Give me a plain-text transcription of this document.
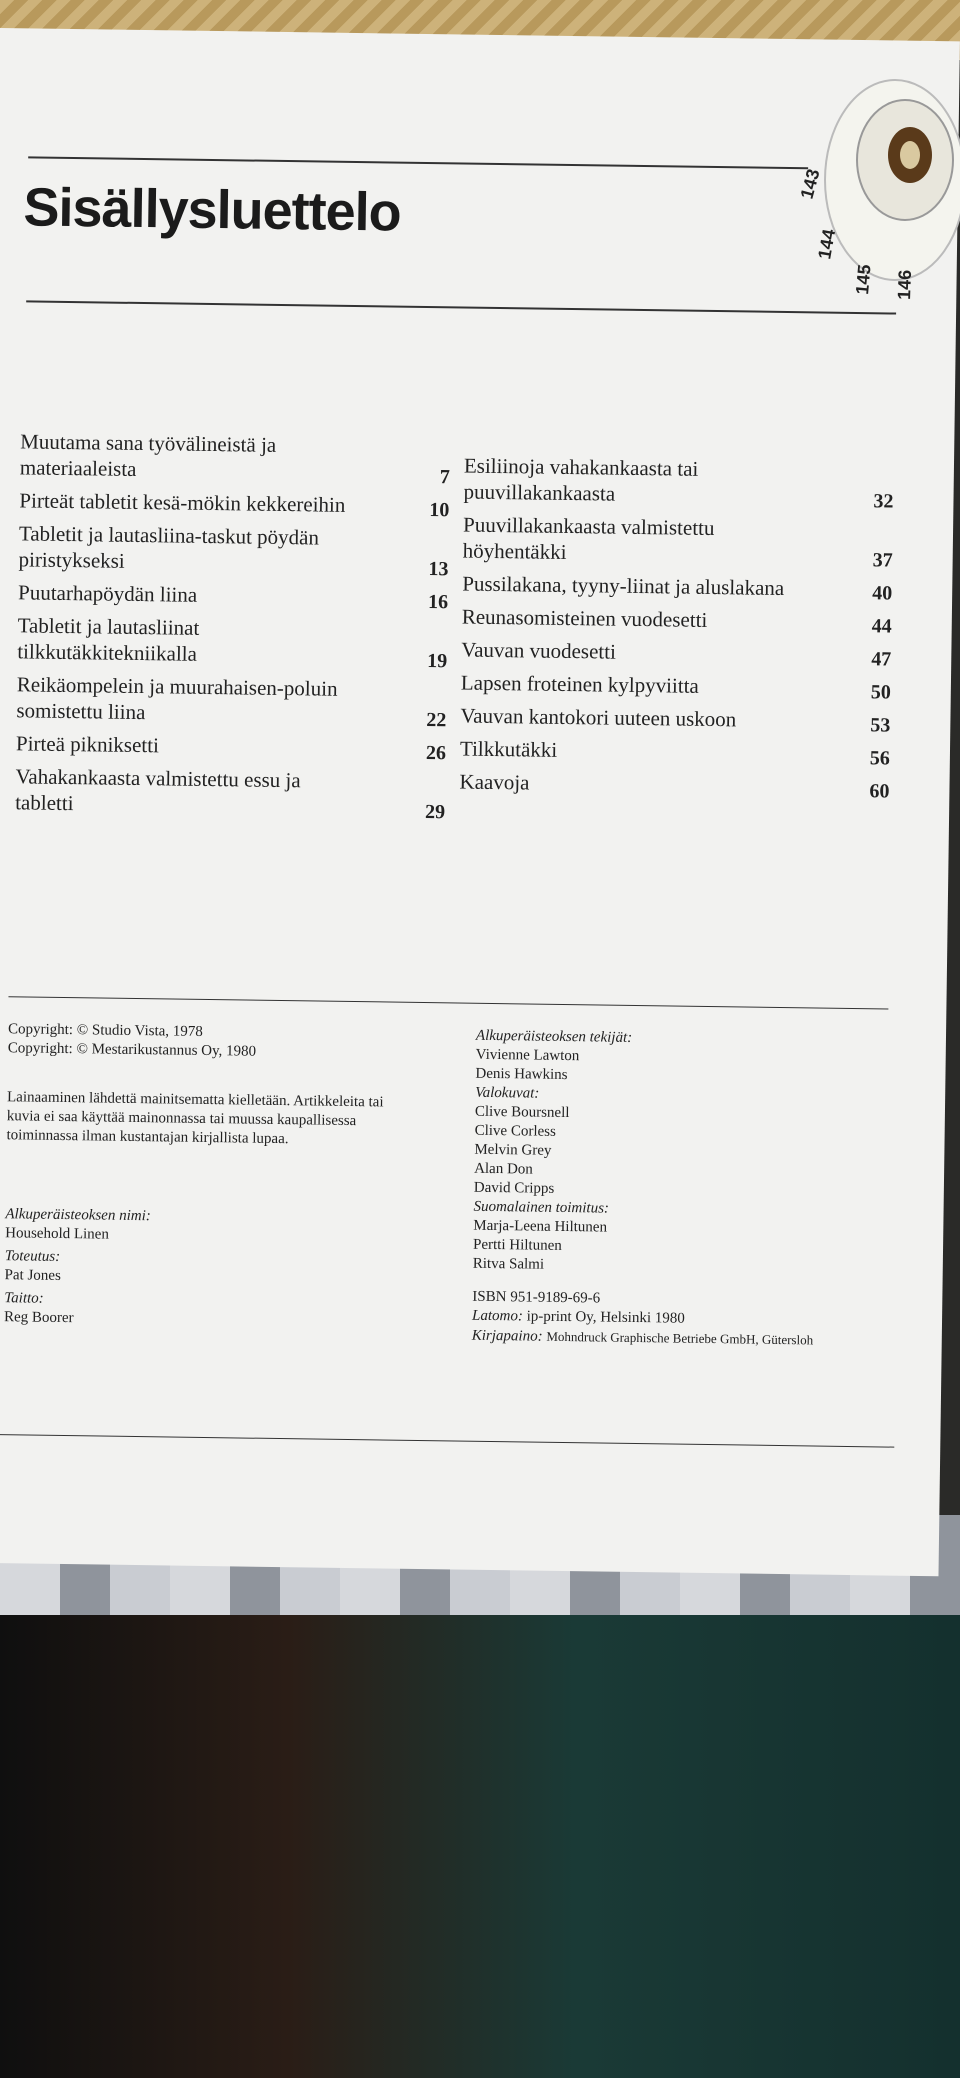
Sisällysluettelo
Muutama sana työvälineistä ja materiaaleista	7
Pirteät tabletit kesä-mökin kekkereihin	10
Tabletit ja lautasliina-taskut pöydän piristykseksi	13
Puutarhapöydän liina	16
Tabletit ja lautasliinat tilkkutäkkitekniikalla	19
Reikäompelein ja muurahaisen-poluin somistettu liina	22
Pirteä pikniksetti	26
Vahakankaasta valmistettu essu ja tabletti	29
Esiliinoja vahakankaasta tai puuvillakankaasta	32
Puuvillakankaasta valmistettu höyhentäkki	37
Pussilakana, tyyny-liinat ja aluslakana	40
Reunasomisteinen vuodesetti	44
Vauvan vuodesetti	47
Lapsen froteinen kylpyviitta	50
Vauvan kantokori uuteen uskoon	53
Tilkkutäkki	56
Kaavoja	60
Copyright: © Studio Vista, 1978
Copyright: © Mestarikustannus Oy, 1980
Lainaaminen lähdettä mainitsematta kielletään. Artikkeleita tai kuvia ei saa käyttää mainonnassa tai muussa kaupallisessa toiminnassa ilman kustantajan kirjallista lupaa.
Alkuperäisteoksen nimi:
Household Linen
Toteutus:
Pat Jones
Taitto:
Reg Boorer
Alkuperäisteoksen tekijät:
Vivienne Lawton
Denis Hawkins
Valokuvat:
Clive Boursnell
Clive Corless
Melvin Grey
Alan Don
David Cripps
Suomalainen toimitus:
Marja-Leena Hiltunen
Pertti Hiltunen
Ritva Salmi
ISBN 951-9189-69-6
Latomo: ip-print Oy, Helsinki 1980
Kirjapaino: Mohndruck Graphische Betriebe GmbH, Gütersloh
143
144
145 146
